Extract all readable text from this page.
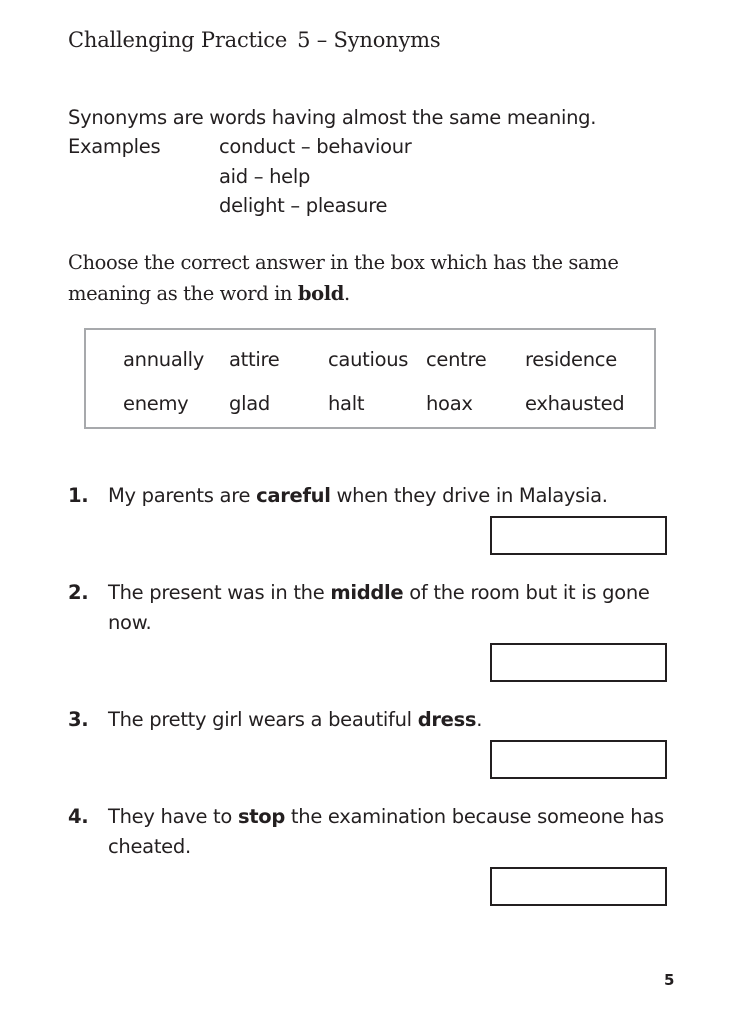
Challenging Practice 5 – Synonyms
Synonyms are words having almost the same meaning.
Examples	conduct – behaviour
aid – help
delight – pleasure
Choose the correct answer in the box which has the same meaning as the word in bold.
annually attire cautious centre residence
enemy glad	halt	hoax	exhausted
1. My parents are careful when they drive in Malaysia.
2. The present was in the middle of the room but it is gone now.
3. The pretty girl wears a beautiful dress.
4. They have to stop the examination because someone has cheated.
5
